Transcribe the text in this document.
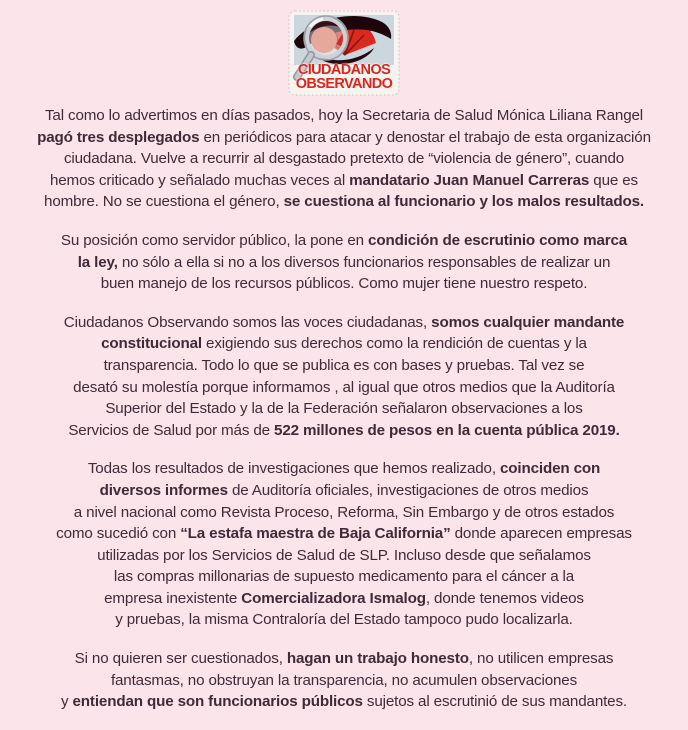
CIUDADANOS
OBSERVANDO
Tal como lo advertimos en días pasados, hoy la Secretaria de Salud Mónica Liliana Rangel
pagó tres desplegados en periódicos para atacar y denostar el trabajo de esta organización
ciudadana. Vuelve a recurrir al desgastado pretexto de “violencia de género”, cuando
hemos criticado y señalado muchas veces al mandatario Juan Manuel Carreras que es
hombre. No se cuestiona el género, se cuestiona al funcionario y los malos resultados.
Su posición como servidor público, la pone en condición de escrutinio como marca
la ley, no sólo a ella si no a los diversos funcionarios responsables de realizar un
buen manejo de los recursos públicos. Como mujer tiene nuestro respeto.
Ciudadanos Observando somos las voces ciudadanas, somos cualquier mandante
constitucional exigiendo sus derechos como la rendición de cuentas y la
transparencia. Todo lo que se publica es con bases y pruebas. Tal vez se
desató su molestía porque informamos , al igual que otros medios que la Auditoría
Superior del Estado y la de la Federación señalaron observaciones a los
Servicios de Salud por más de 522 millones de pesos en la cuenta pública 2019.
Todas los resultados de investigaciones que hemos realizado, coinciden con
diversos informes de Auditoría oficiales, investigaciones de otros medios
a nivel nacional como Revista Proceso, Reforma, Sin Embargo y de otros estados
como sucedió con “La estafa maestra de Baja California” donde aparecen empresas
utilizadas por los Servicios de Salud de SLP. Incluso desde que señalamos
las compras millonarias de supuesto medicamento para el cáncer a la
empresa inexistente Comercializadora Ismalog, donde tenemos videos
y pruebas, la misma Contraloría del Estado tampoco pudo localizarla.
Si no quieren ser cuestionados, hagan un trabajo honesto, no utilicen empresas
fantasmas, no obstruyan la transparencia, no acumulen observaciones
y entiendan que son funcionarios públicos sujetos al escrutinió de sus mandantes.
